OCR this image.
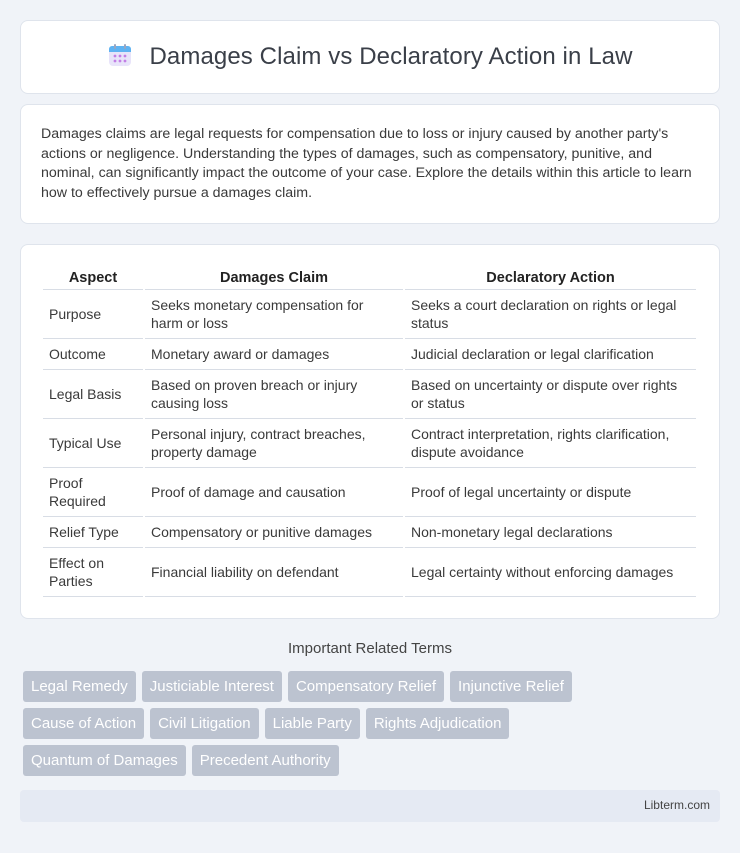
Damages Claim vs Declaratory Action in Law

Damages claims are legal requests for compensation due to loss or injury caused by another party's actions or negligence. Understanding the types of damages, such as compensatory, punitive, and nominal, can significantly impact the outcome of your case. Explore the details within this article to learn how to effectively pursue a damages claim.

Aspect	Damages Claim	Declaratory Action
Purpose	Seeks monetary compensation for harm or loss	Seeks a court declaration on rights or legal status
Outcome	Monetary award or damages	Judicial declaration or legal clarification
Legal Basis	Based on proven breach or injury causing loss	Based on uncertainty or dispute over rights or status
Typical Use	Personal injury, contract breaches, property damage	Contract interpretation, rights clarification, dispute avoidance
Proof Required	Proof of damage and causation	Proof of legal uncertainty or dispute
Relief Type	Compensatory or punitive damages	Non-monetary legal declarations
Effect on Parties	Financial liability on defendant	Legal certainty without enforcing damages
Important Related Terms
Legal Remedy	Justiciable Interest	Compensatory Relief	Injunctive Relief
Cause of Action	Civil Litigation	Liable Party	Rights Adjudication
Quantum of Damages	Precedent Authority
Libterm.com
